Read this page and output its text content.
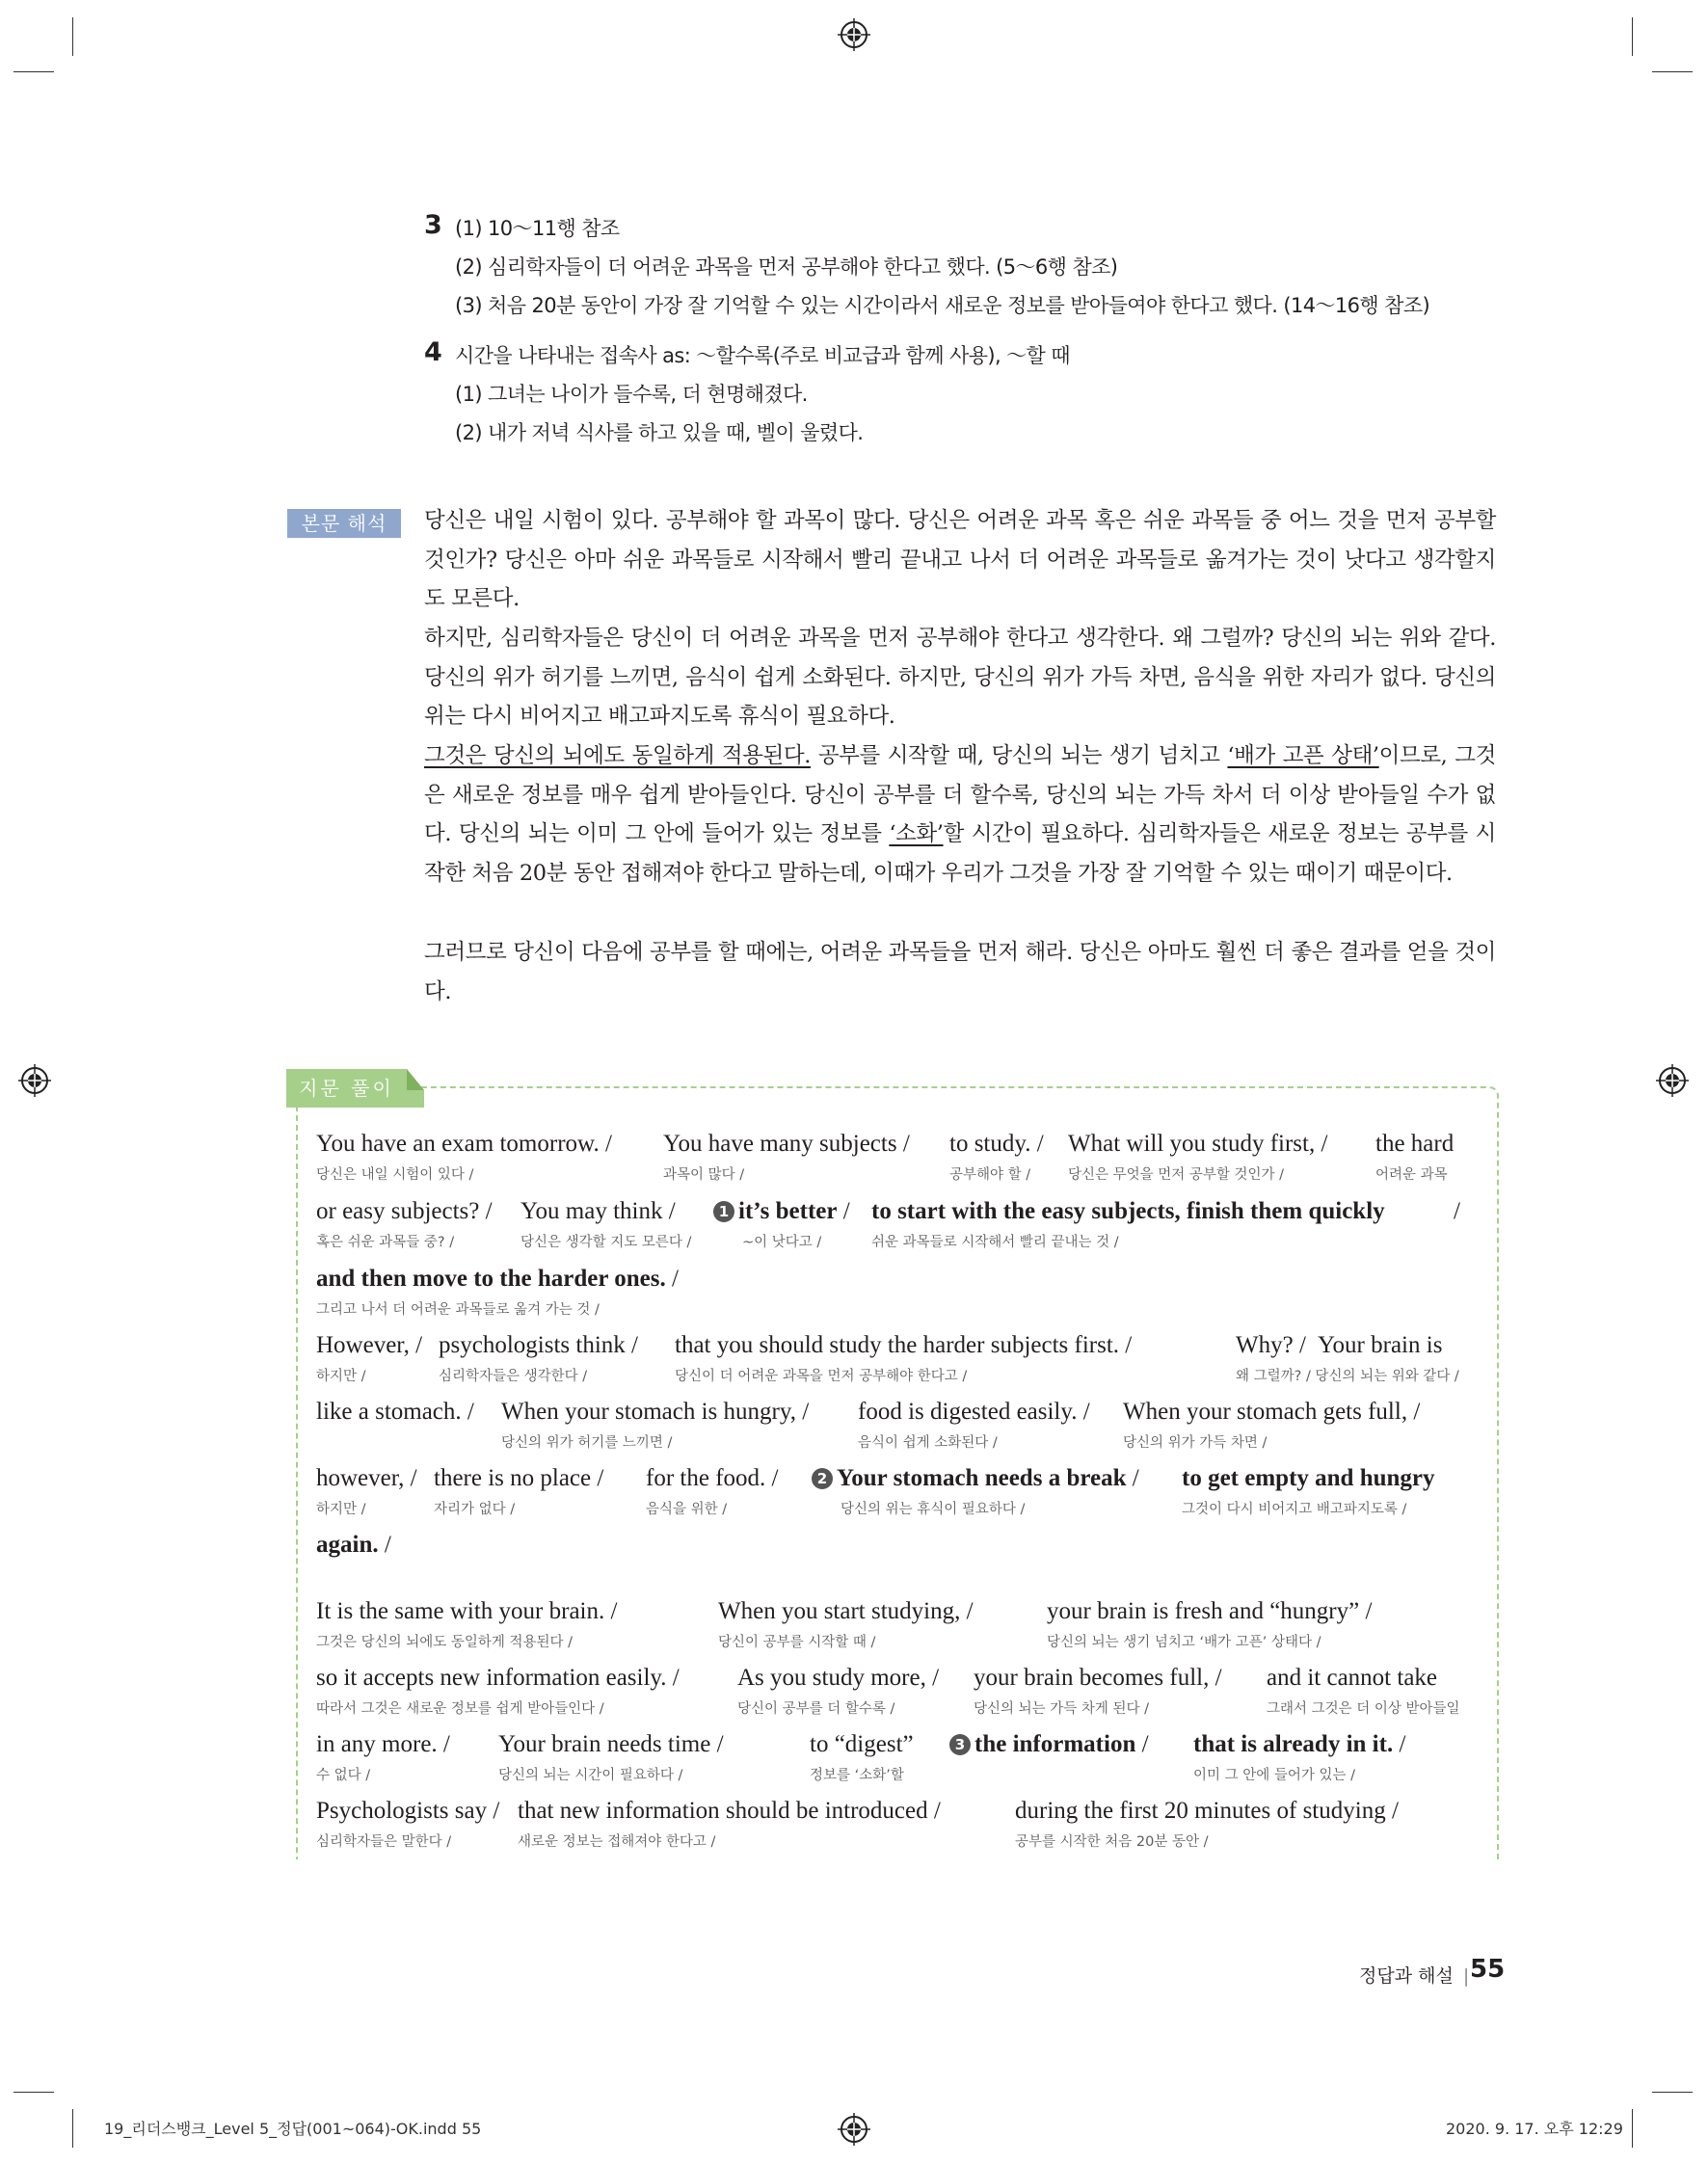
3 (1) 10～11행 참조
(2) 심리학자들이 더 어려운 과목을 먼저 공부해야 한다고 했다. (5～6행 참조)
(3) 처음 20분 동안이 가장 잘 기억할 수 있는 시간이라서 새로운 정보를 받아들여야 한다고 했다. (14～16행 참조)
4 시간을 나타내는 접속사 as: ～할수록(주로 비교급과 함께 사용), ～할 때
(1) 그녀는 나이가 들수록, 더 현명해졌다.
(2) 내가 저녁 식사를 하고 있을 때, 벨이 울렸다.
본문 해석	당신은 내일 시험이 있다. 공부해야 할 과목이 많다. 당신은 어려운 과목 혹은 쉬운 과목들 중 어느 것을 먼저 공부할 것인가? 당신은 아마 쉬운 과목들로 시작해서 빨리 끝내고 나서 더 어려운 과목들로 옮겨가는 것이 낫다고 생각할지도 모른다.
하지만, 심리학자들은 당신이 더 어려운 과목을 먼저 공부해야 한다고 생각한다. 왜 그럴까? 당신의 뇌는 위와 같다. 당신의 위가 허기를 느끼면, 음식이 쉽게 소화된다. 하지만, 당신의 위가 가득 차면, 음식을 위한 자리가 없다. 당신의 위는 다시 비어지고 배고파지도록 휴식이 필요하다.
그것은 당신의 뇌에도 동일하게 적용된다. 공부를 시작할 때, 당신의 뇌는 생기 넘치고 ‘배가 고픈 상태’이므로, 그것은 새로운 정보를 매우 쉽게 받아들인다. 당신이 공부를 더 할수록, 당신의 뇌는 가득 차서 더 이상 받아들일 수가 없다. 당신의 뇌는 이미 그 안에 들어가 있는 정보를 ‘소화’할 시간이 필요하다. 심리학자들은 새로운 정보는 공부를 시작한 처음 20분 동안 접해져야 한다고 말하는데, 이때가 우리가 그것을 가장 잘 기억할 수 있는 때이기 때문이다.
그러므로 당신이 다음에 공부를 할 때에는, 어려운 과목들을 먼저 해라. 당신은 아마도 훨씬 더 좋은 결과를 얻을 것이다.
지문 풀이
You have an exam tomorrow. / You have many subjects / to study. / What will you study first, / the hard
당신은 내일 시험이 있다 /	과목이 많다 /	공부해야 할 /	당신은 무엇을 먼저 공부할 것인가 /	어려운 과목
or easy subjects? / You may think /	1 it’s better / to start with the easy subjects, finish them quickly	/
혹은 쉬운 과목들 중? /	당신은 생각할 지도 모른다 /	~이 낫다고 /	쉬운 과목들로 시작해서 빨리 끝내는 것 /
and then move to the harder ones. /
그리고 나서 더 어려운 과목들로 옮겨 가는 것 /
However, / psychologists think / that you should study the harder subjects first. /	Why? / Your brain is
하지만 /	심리학자들은 생각한다 /	당신이 더 어려운 과목을 먼저 공부해야 한다고 /	왜 그럴까? / 당신의 뇌는 위와 같다 /
like a stomach. / When your stomach is hungry, / food is digested easily. / When your stomach gets full, /
당신의 위가 허기를 느끼면 /	음식이 쉽게 소화된다 /	당신의 위가 가득 차면 /
however, / there is no place / for the food. /	2 Your stomach needs a break / to get empty and hungry
하지만 /	자리가 없다 /	음식을 위한 /	당신의 위는 휴식이 필요하다 /	그것이 다시 비어지고 배고파지도록 /
again. /
It is the same with your brain. /	When you start studying, /	your brain is fresh and “hungry” /
그것은 당신의 뇌에도 동일하게 적용된다 /	당신이 공부를 시작할 때 /	당신의 뇌는 생기 넘치고 ‘배가 고픈’ 상태다 /
so it accepts new information easily. / As you study more, / your brain becomes full, / and it cannot take
따라서 그것은 새로운 정보를 쉽게 받아들인다 /	당신이 공부를 더 할수록 /	당신의 뇌는 가득 차게 된다 /	그래서 그것은 더 이상 받아들일
in any more. / Your brain needs time /	to “digest”	3 the information / that is already in it. /
수 없다 /	당신의 뇌는 시간이 필요하다 /	정보를 ‘소화’할	이미 그 안에 들어가 있는 /
Psychologists say / that new information should be introduced /	during the first 20 minutes of studying /
심리학자들은 말한다 /	새로운 정보는 접해져야 한다고 /	공부를 시작한 처음 20분 동안 /
정답과 해설 | 55
19_리더스뱅크_Level 5_정답(001~064)-OK.indd 55	2020. 9. 17. 오후 12:29
